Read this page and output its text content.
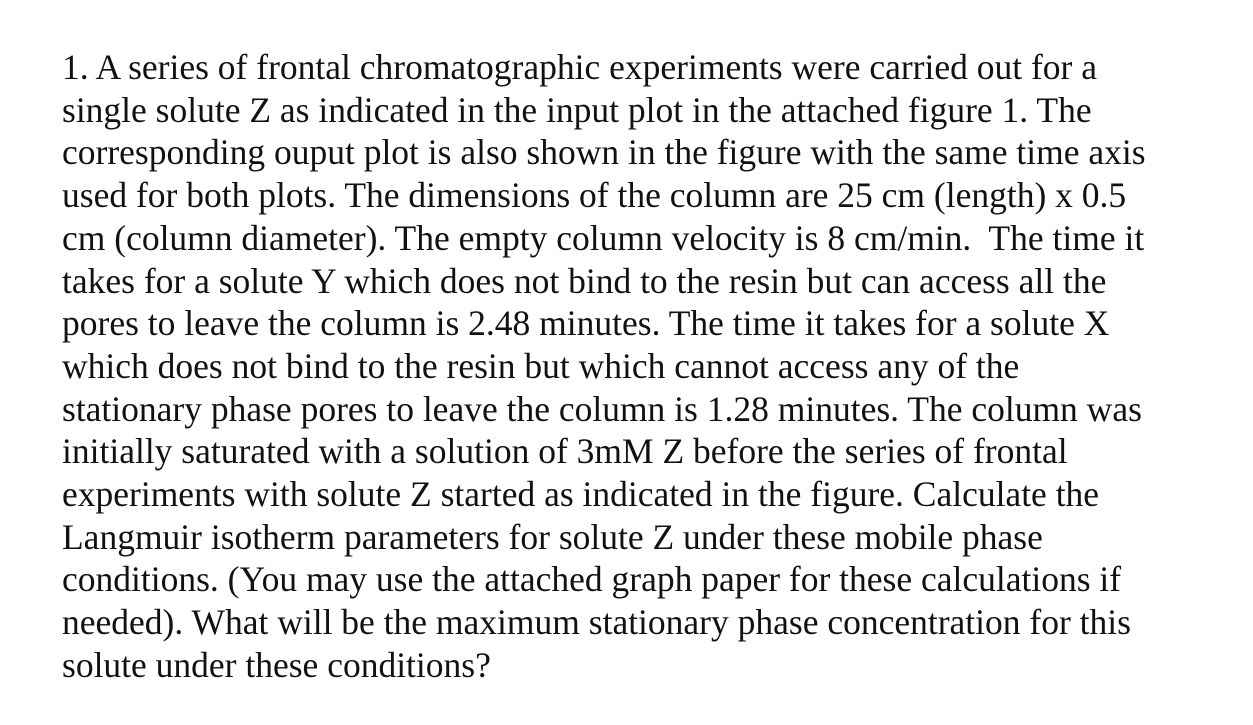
1. A series of frontal chromatographic experiments were carried out for a
single solute Z as indicated in the input plot in the attached figure 1. The
corresponding ouput plot is also shown in the figure with the same time axis
used for both plots. The dimensions of the column are 25 cm (length) x 0.5
cm (column diameter). The empty column velocity is 8 cm/min.  The time it
takes for a solute Y which does not bind to the resin but can access all the
pores to leave the column is 2.48 minutes. The time it takes for a solute X
which does not bind to the resin but which cannot access any of the
stationary phase pores to leave the column is 1.28 minutes. The column was
initially saturated with a solution of 3mM Z before the series of frontal
experiments with solute Z started as indicated in the figure. Calculate the
Langmuir isotherm parameters for solute Z under these mobile phase
conditions. (You may use the attached graph paper for these calculations if
needed). What will be the maximum stationary phase concentration for this
solute under these conditions?
